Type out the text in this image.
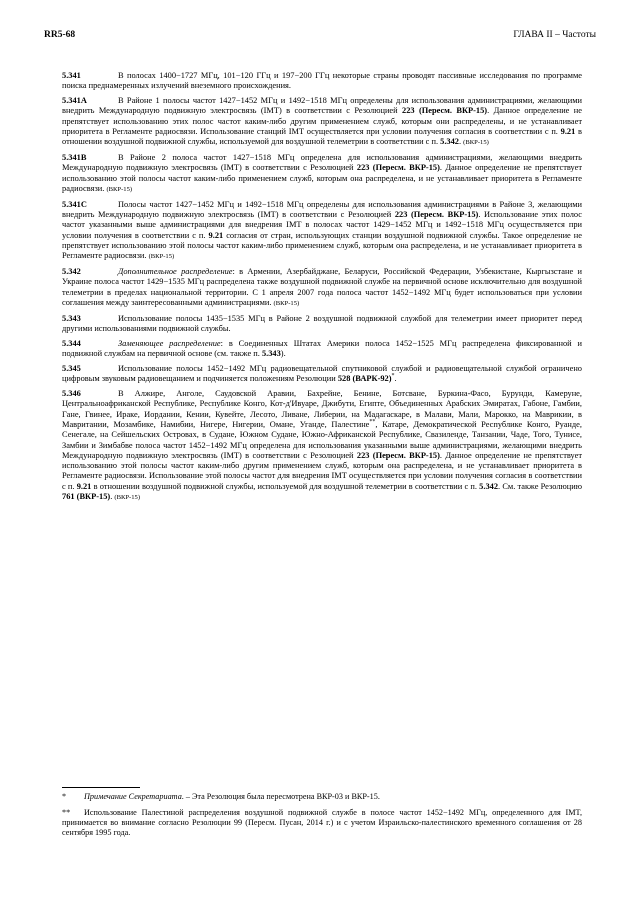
RR5-68	ГЛАВА II – Частоты

5.341	В полосах 1400−1727 МГц, 101−120 ГГц и 197−200 ГГц некоторые страны проводят пассивные исследования по программе поиска преднамеренных излучений внеземного происхождения.

5.341A	В Районе 1 полосы частот 1427−1452 МГц и 1492−1518 МГц определены для использования администрациями, желающими внедрить Международную подвижную электросвязь (IMT) в соответствии с Резолюцией 223 (Пересм. ВКР-15). Данное определение не препятствует использованию этих полос частот каким-либо другим применением служб, которым они распределены, и не устанавливает приоритета в Регламенте радиосвязи. Использование станций IMT осуществляется при условии получения согласия в соответствии с п. 9.21 в отношении воздушной подвижной службы, используемой для воздушной телеметрии в соответствии с п. 5.342. (ВКР-15)

5.341B	В Районе 2 полоса частот 1427−1518 МГц определена для использования администрациями, желающими внедрить Международную подвижную электросвязь (IMT) в соответствии с Резолюцией 223 (Пересм. ВКР-15). Данное определение не препятствует использованию этой полосы частот каким-либо применением служб, которым она распределена, и не устанавливает приоритета в Регламенте радиосвязи. (ВКР-15)

5.341C	Полосы частот 1427−1452 МГц и 1492−1518 МГц определены для использования администрациями в Районе 3, желающими внедрить Международную подвижную электросвязь (IMT) в соответствии с Резолюцией 223 (Пересм. ВКР-15). Использование этих полос частот указанными выше администрациями для внедрения IMT в полосах частот 1429−1452 МГц и 1492−1518 МГц осуществляется при условии получения в соответствии с п. 9.21 согласия от стран, использующих станции воздушной подвижной службы. Такое определение не препятствует использованию этой полосы частот каким-либо применением служб, которым она распределена, и не устанавливает приоритета в Регламенте радиосвязи. (ВКР-15)

5.342	Дополнительное распределение: в Армении, Азербайджане, Беларуси, Российской Федерации, Узбекистане, Кыргызстане и Украине полоса частот 1429−1535 МГц распределена также воздушной подвижной службе на первичной основе исключительно для воздушной телеметрии в пределах национальной территории. С 1 апреля 2007 года полоса частот 1452−1492 МГц будет использоваться при условии соглашения между заинтересованными администрациями. (ВКР-15)

5.343	Использование полосы 1435−1535 МГц в Районе 2 воздушной подвижной службой для телеметрии имеет приоритет перед другими использованиями подвижной службы.

5.344	Заменяющее распределение: в Соединенных Штатах Америки полоса 1452−1525 МГц распределена фиксированной и подвижной службам на первичной основе (см. также п. 5.343).

5.345	Использование полосы 1452−1492 МГц радиовещательной спутниковой службой и радиовещательной службой ограничено цифровым звуковым радиовещанием и подчиняется положениям Резолюции 528 (ВАРК-92)*.

5.346	В Алжире, Анголе, Саудовской Аравии, Бахрейне, Бенине, Ботсване, Буркина-Фасо, Бурунди, Камеруне, Центральноафриканской Республике, Республике Конго, Кот-д'Ивуаре, Джибути, Египте, Объединенных Арабских Эмиратах, Габоне, Гамбии, Гане, Гвинее, Ираке, Иордании, Кении, Кувейте, Лесото, Ливане, Либерии, на Мадагаскаре, в Малави, Мали, Марокко, на Маврикии, в Мавритании, Мозамбике, Намибии, Нигере, Нигерии, Омане, Уганде, Палестине**, Катаре, Демократической Республике Конго, Руанде, Сенегале, на Сейшельских Островах, в Судане, Южном Судане, Южно-Африканской Республике, Свазиленде, Танзании, Чаде, Того, Тунисе, Замбии и Зимбабве полоса частот 1452−1492 МГц определена для использования указанными выше администрациями, желающими внедрить Международную подвижную электросвязь (IMT) в соответствии с Резолюцией 223 (Пересм. ВКР-15). Данное определение не препятствует использованию этой полосы частот каким-либо другим применением служб, которым она распределена, и не устанавливает приоритета в Регламенте радиосвязи. Использование этой полосы частот для внедрения IMT осуществляется при условии получения согласия в соответствии с п. 9.21 в отношении воздушной подвижной службы, используемой для воздушной телеметрии в соответствии с п. 5.342. См. также Резолюцию 761 (ВКР-15). (ВКР-15)

* Примечание Секретариата. – Эта Резолюция была пересмотрена ВКР-03 и ВКР-15.

** Использование Палестиной распределения воздушной подвижной службе в полосе частот 1452−1492 МГц, определенного для IMT, принимается во внимание согласно Резолюции 99 (Пересм. Пусан, 2014 г.) и с учетом Израильско-палестинского временного соглашения от 28 сентября 1995 года.
